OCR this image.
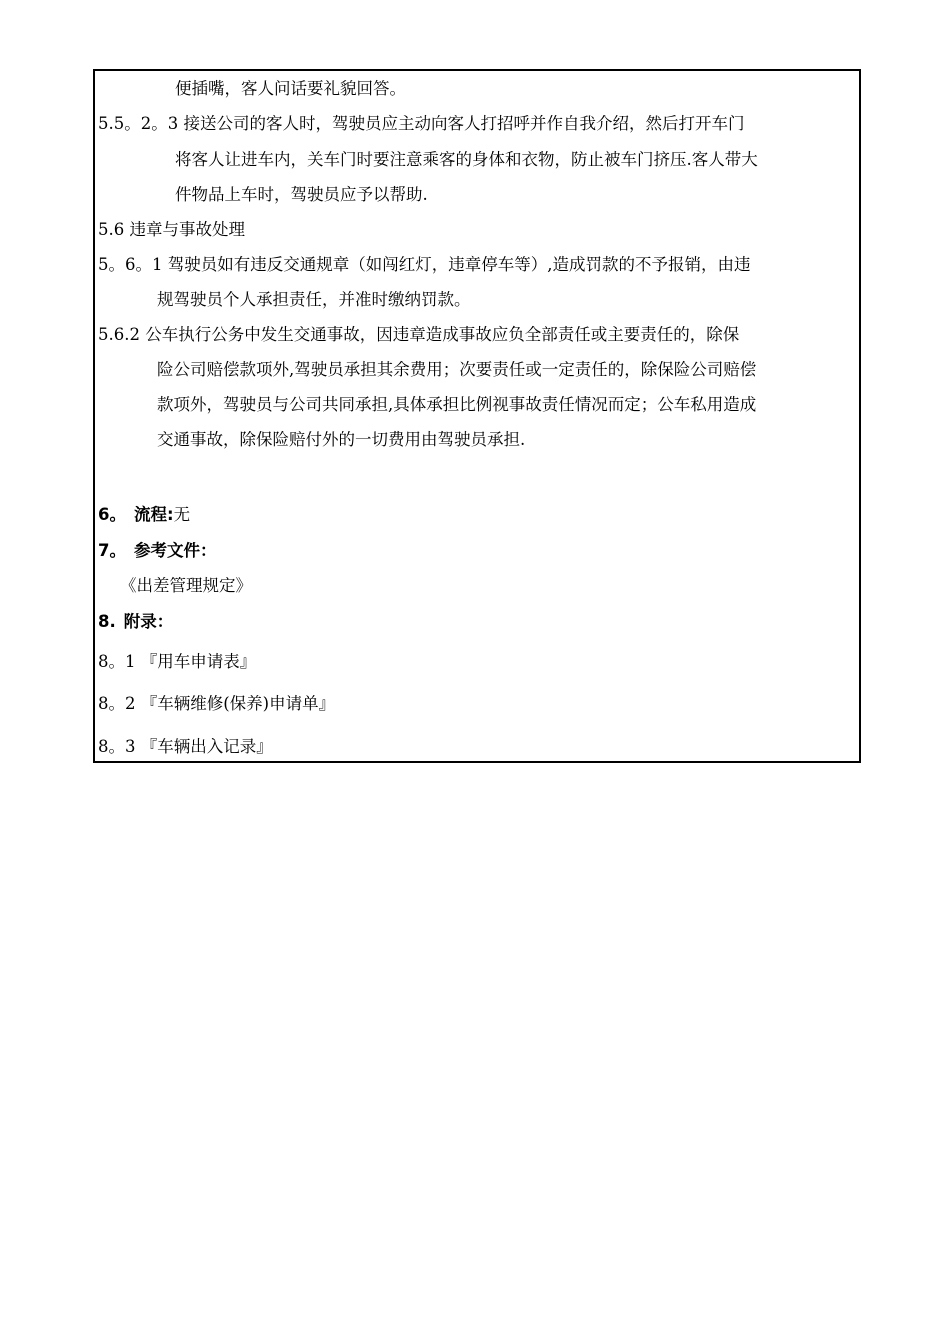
便插嘴，客人问话要礼貌回答。
5.5。2。3 接送公司的客人时，驾驶员应主动向客人打招呼并作自我介绍，然后打开车门
将客人让进车内，关车门时要注意乘客的身体和衣物，防止被车门挤压.客人带大
件物品上车时，驾驶员应予以帮助.
5.6 违章与事故处理
5。6。1 驾驶员如有违反交通规章（如闯红灯，违章停车等）,造成罚款的不予报销，由违
规驾驶员个人承担责任，并准时缴纳罚款。
5.6.2 公车执行公务中发生交通事故，因违章造成事故应负全部责任或主要责任的，除保
险公司赔偿款项外,驾驶员承担其余费用；次要责任或一定责任的，除保险公司赔偿
款项外，驾驶员与公司共同承担,具体承担比例视事故责任情况而定；公车私用造成
交通事故，除保险赔付外的一切费用由驾驶员承担.
6。 流程:无
7。 参考文件：
《出差管理规定》
8. 附录：
8。1 『用车申请表』
8。2 『车辆维修(保养)申请单』
8。3 『车辆出入记录』
